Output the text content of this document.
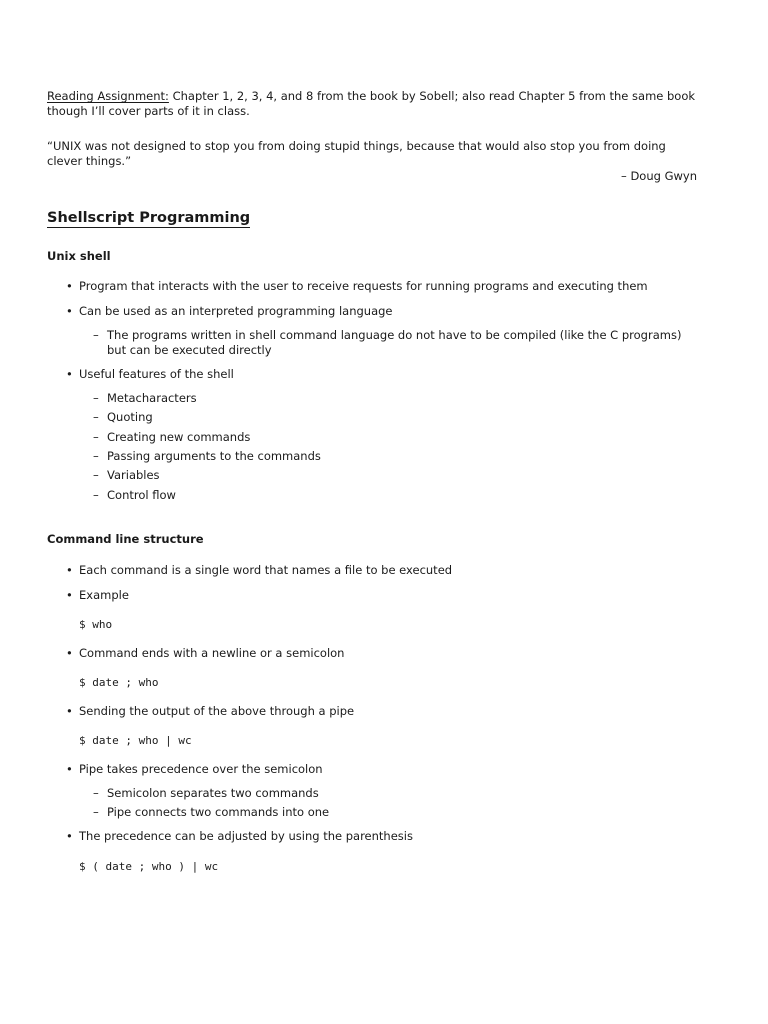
Reading Assignment: Chapter 1, 2, 3, 4, and 8 from the book by Sobell; also read Chapter 5 from the same book though I’ll cover parts of it in class.
“UNIX was not designed to stop you from doing stupid things, because that would also stop you from doing clever things.”
– Doug Gwyn
Shellscript Programming
Unix shell
• Program that interacts with the user to receive requests for running programs and executing them
• Can be used as an interpreted programming language
– The programs written in shell command language do not have to be compiled (like the C programs) but can be executed directly
• Useful features of the shell
– Metacharacters
– Quoting
– Creating new commands
– Passing arguments to the commands
– Variables
– Control flow
Command line structure
• Each command is a single word that names a file to be executed
• Example
$ who
• Command ends with a newline or a semicolon
$ date ; who
• Sending the output of the above through a pipe
$ date ; who | wc
• Pipe takes precedence over the semicolon
– Semicolon separates two commands
– Pipe connects two commands into one
• The precedence can be adjusted by using the parenthesis
$ ( date ; who ) | wc
